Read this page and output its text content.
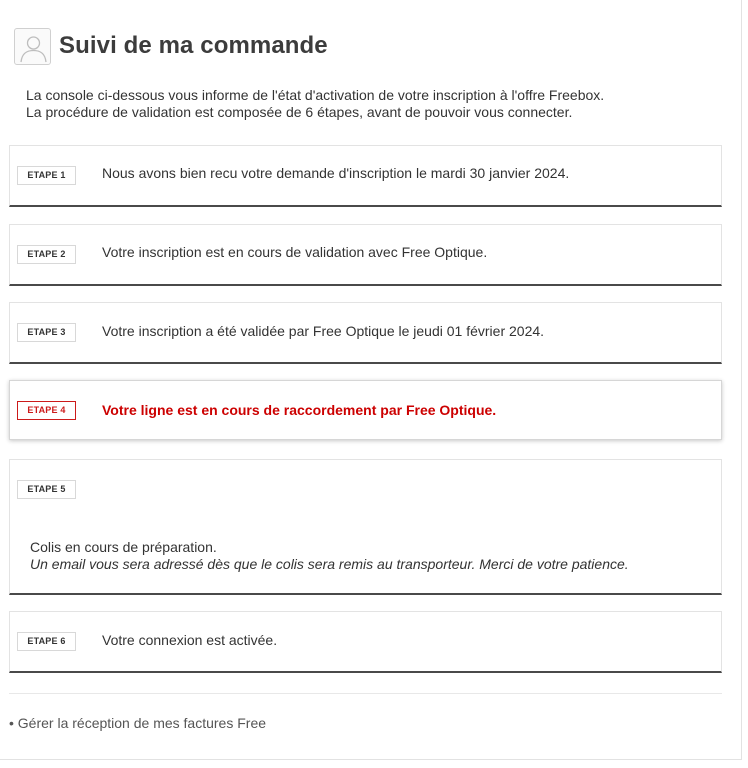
Suivi de ma commande
La console ci-dessous vous informe de l'état d'activation de votre inscription à l'offre Freebox.
La procédure de validation est composée de 6 étapes, avant de pouvoir vous connecter.
ETAPE 1	Nous avons bien recu votre demande d'inscription le mardi 30 janvier 2024.
ETAPE 2	Votre inscription est en cours de validation avec Free Optique.
ETAPE 3	Votre inscription a été validée par Free Optique le jeudi 01 février 2024.
ETAPE 4	Votre ligne est en cours de raccordement par Free Optique.
ETAPE 5
Colis en cours de préparation.
Un email vous sera adressé dès que le colis sera remis au transporteur. Merci de votre patience.
ETAPE 6	Votre connexion est activée.
• Gérer la réception de mes factures Free
